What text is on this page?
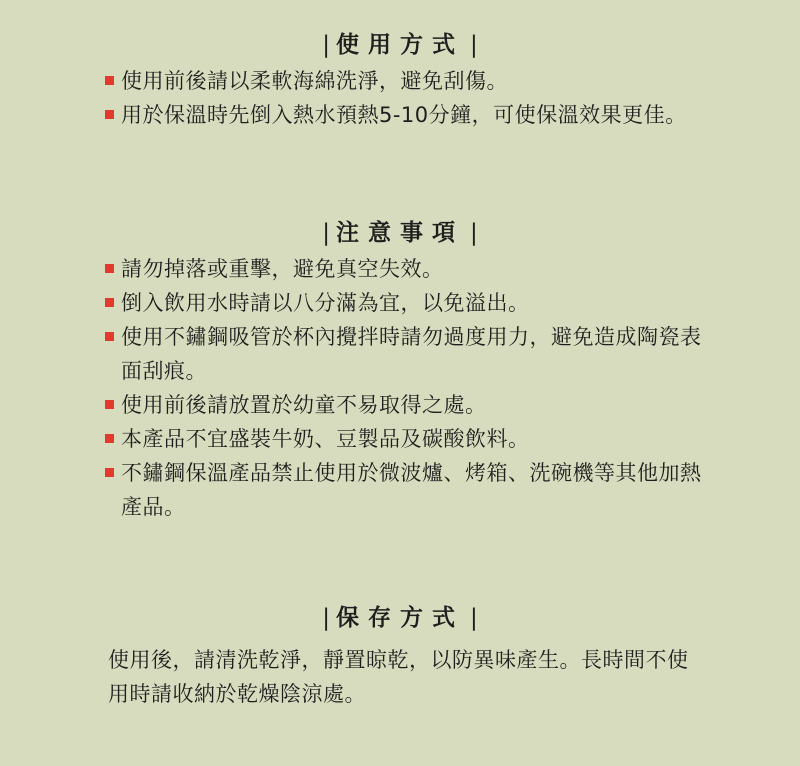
| 使用方式 |
使用前後請以柔軟海綿洗淨，避免刮傷。
用於保溫時先倒入熱水預熱5-10分鐘，可使保溫效果更佳。
| 注意事項 |
請勿掉落或重擊，避免真空失效。
倒入飲用水時請以八分滿為宜，以免溢出。
使用不鏽鋼吸管於杯內攪拌時請勿過度用力，避免造成陶瓷表面刮痕。
使用前後請放置於幼童不易取得之處。
本產品不宜盛裝牛奶、豆製品及碳酸飲料。
不鏽鋼保溫產品禁止使用於微波爐、烤箱、洗碗機等其他加熱產品。
| 保存方式 |
使用後，請清洗乾淨，靜置晾乾，以防異味產生。長時間不使用時請收納於乾燥陰涼處。
